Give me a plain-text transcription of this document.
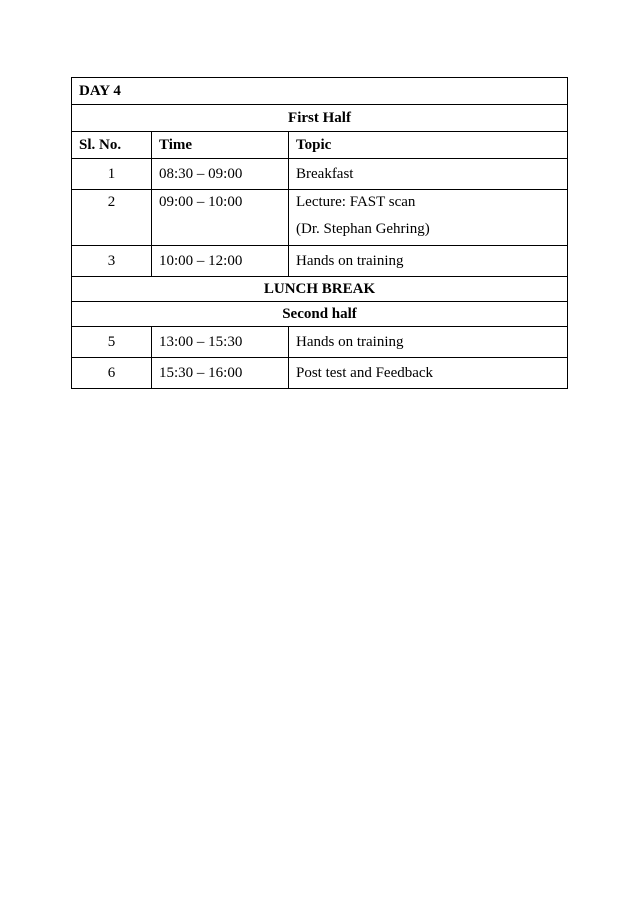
DAY 4		
First Half		
Sl. No.	Time	Topic
1	08:30 – 09:00	Breakfast
2	09:00 – 10:00	Lecture: FAST scan
(Dr. Stephan Gehring)

3	10:00 – 12:00	Hands on training
LUNCH BREAK		
Second half		
5	13:00 – 15:30	Hands on training
6	15:30 – 16:00	Post test and Feedback
